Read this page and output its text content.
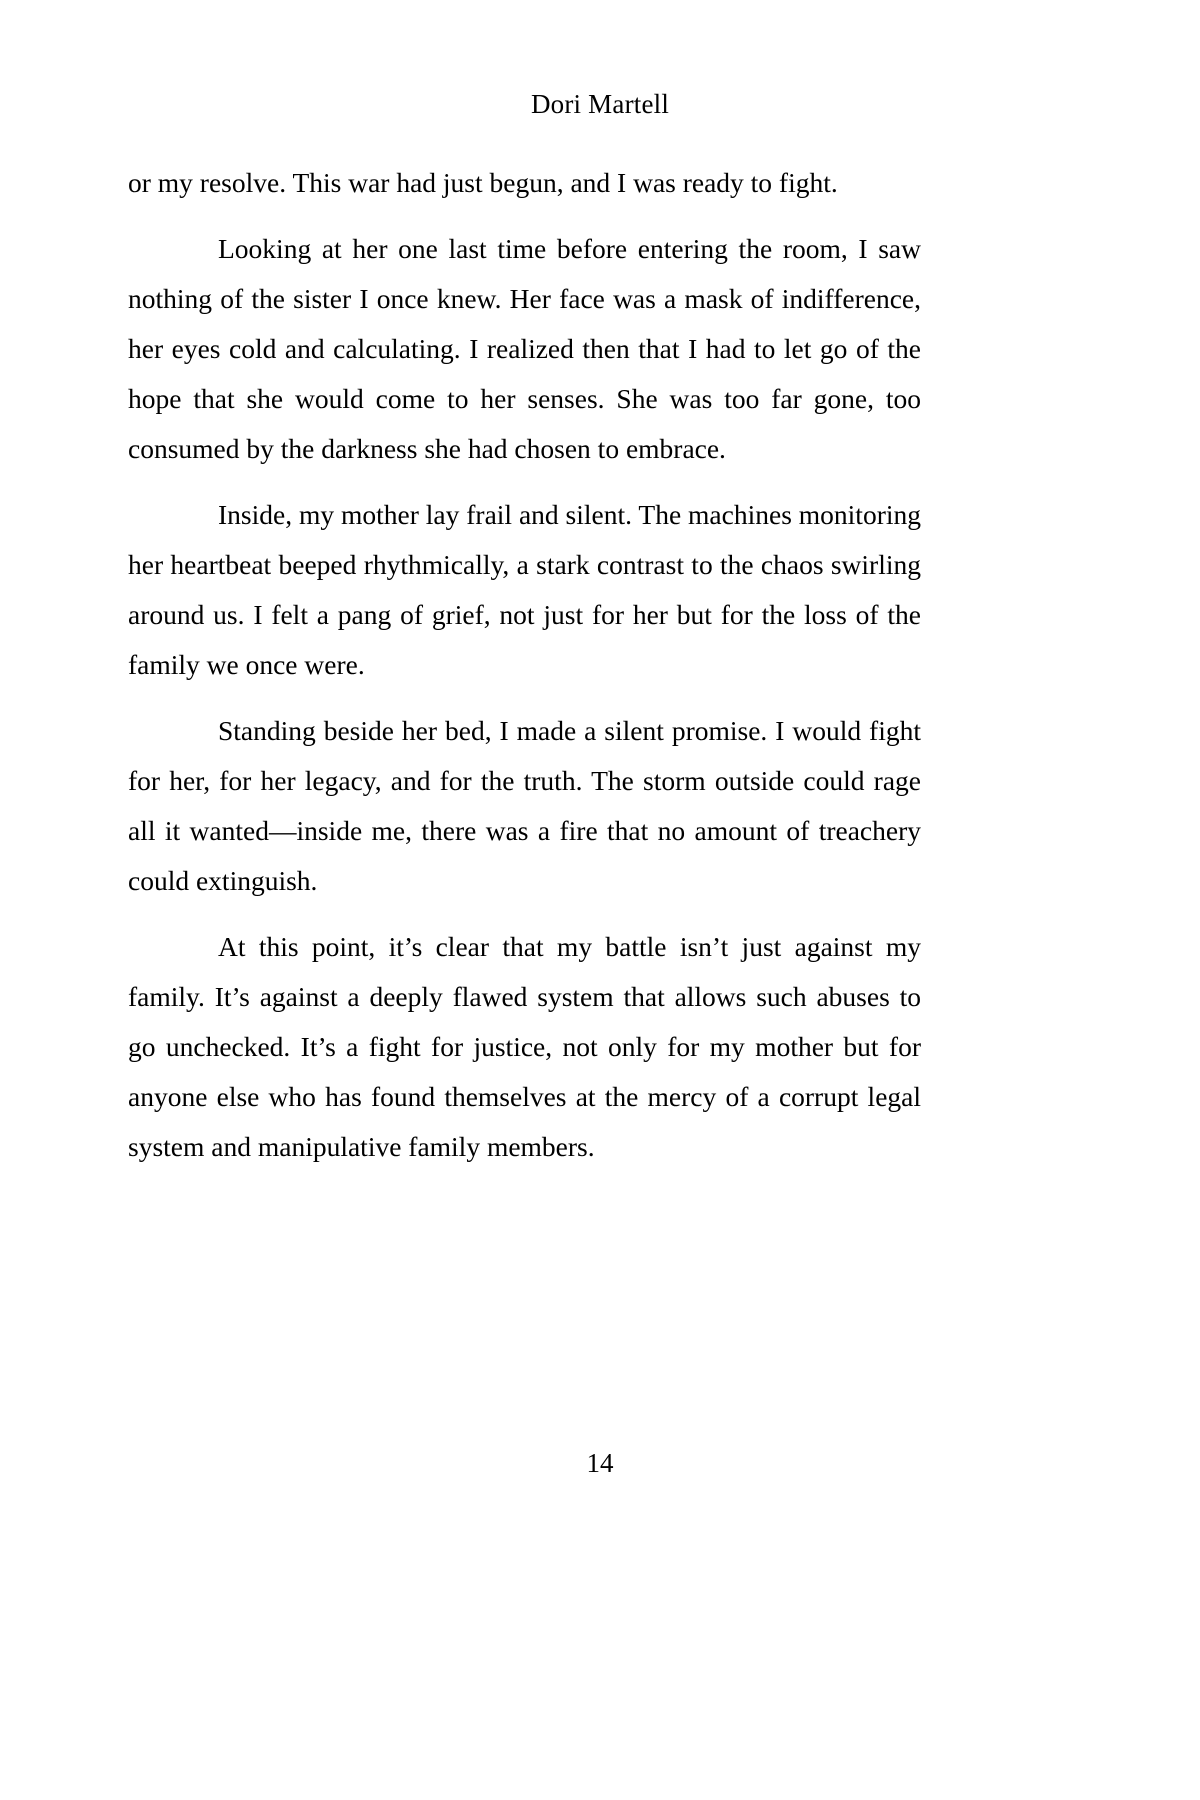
Dori Martell

or my resolve. This war had just begun, and I was ready to fight.

Looking at her one last time before entering the room, I saw nothing of the sister I once knew. Her face was a mask of indifference, her eyes cold and calculating. I realized then that I had to let go of the hope that she would come to her senses. She was too far gone, too consumed by the darkness she had chosen to embrace.

Inside, my mother lay frail and silent. The machines monitoring her heartbeat beeped rhythmically, a stark contrast to the chaos swirling around us. I felt a pang of grief, not just for her but for the loss of the family we once were.

Standing beside her bed, I made a silent promise. I would fight for her, for her legacy, and for the truth. The storm outside could rage all it wanted—inside me, there was a fire that no amount of treachery could extinguish.

At this point, it’s clear that my battle isn’t just against my family. It’s against a deeply flawed system that allows such abuses to go unchecked. It’s a fight for justice, not only for my mother but for anyone else who has found themselves at the mercy of a corrupt legal system and manipulative family members.

14
